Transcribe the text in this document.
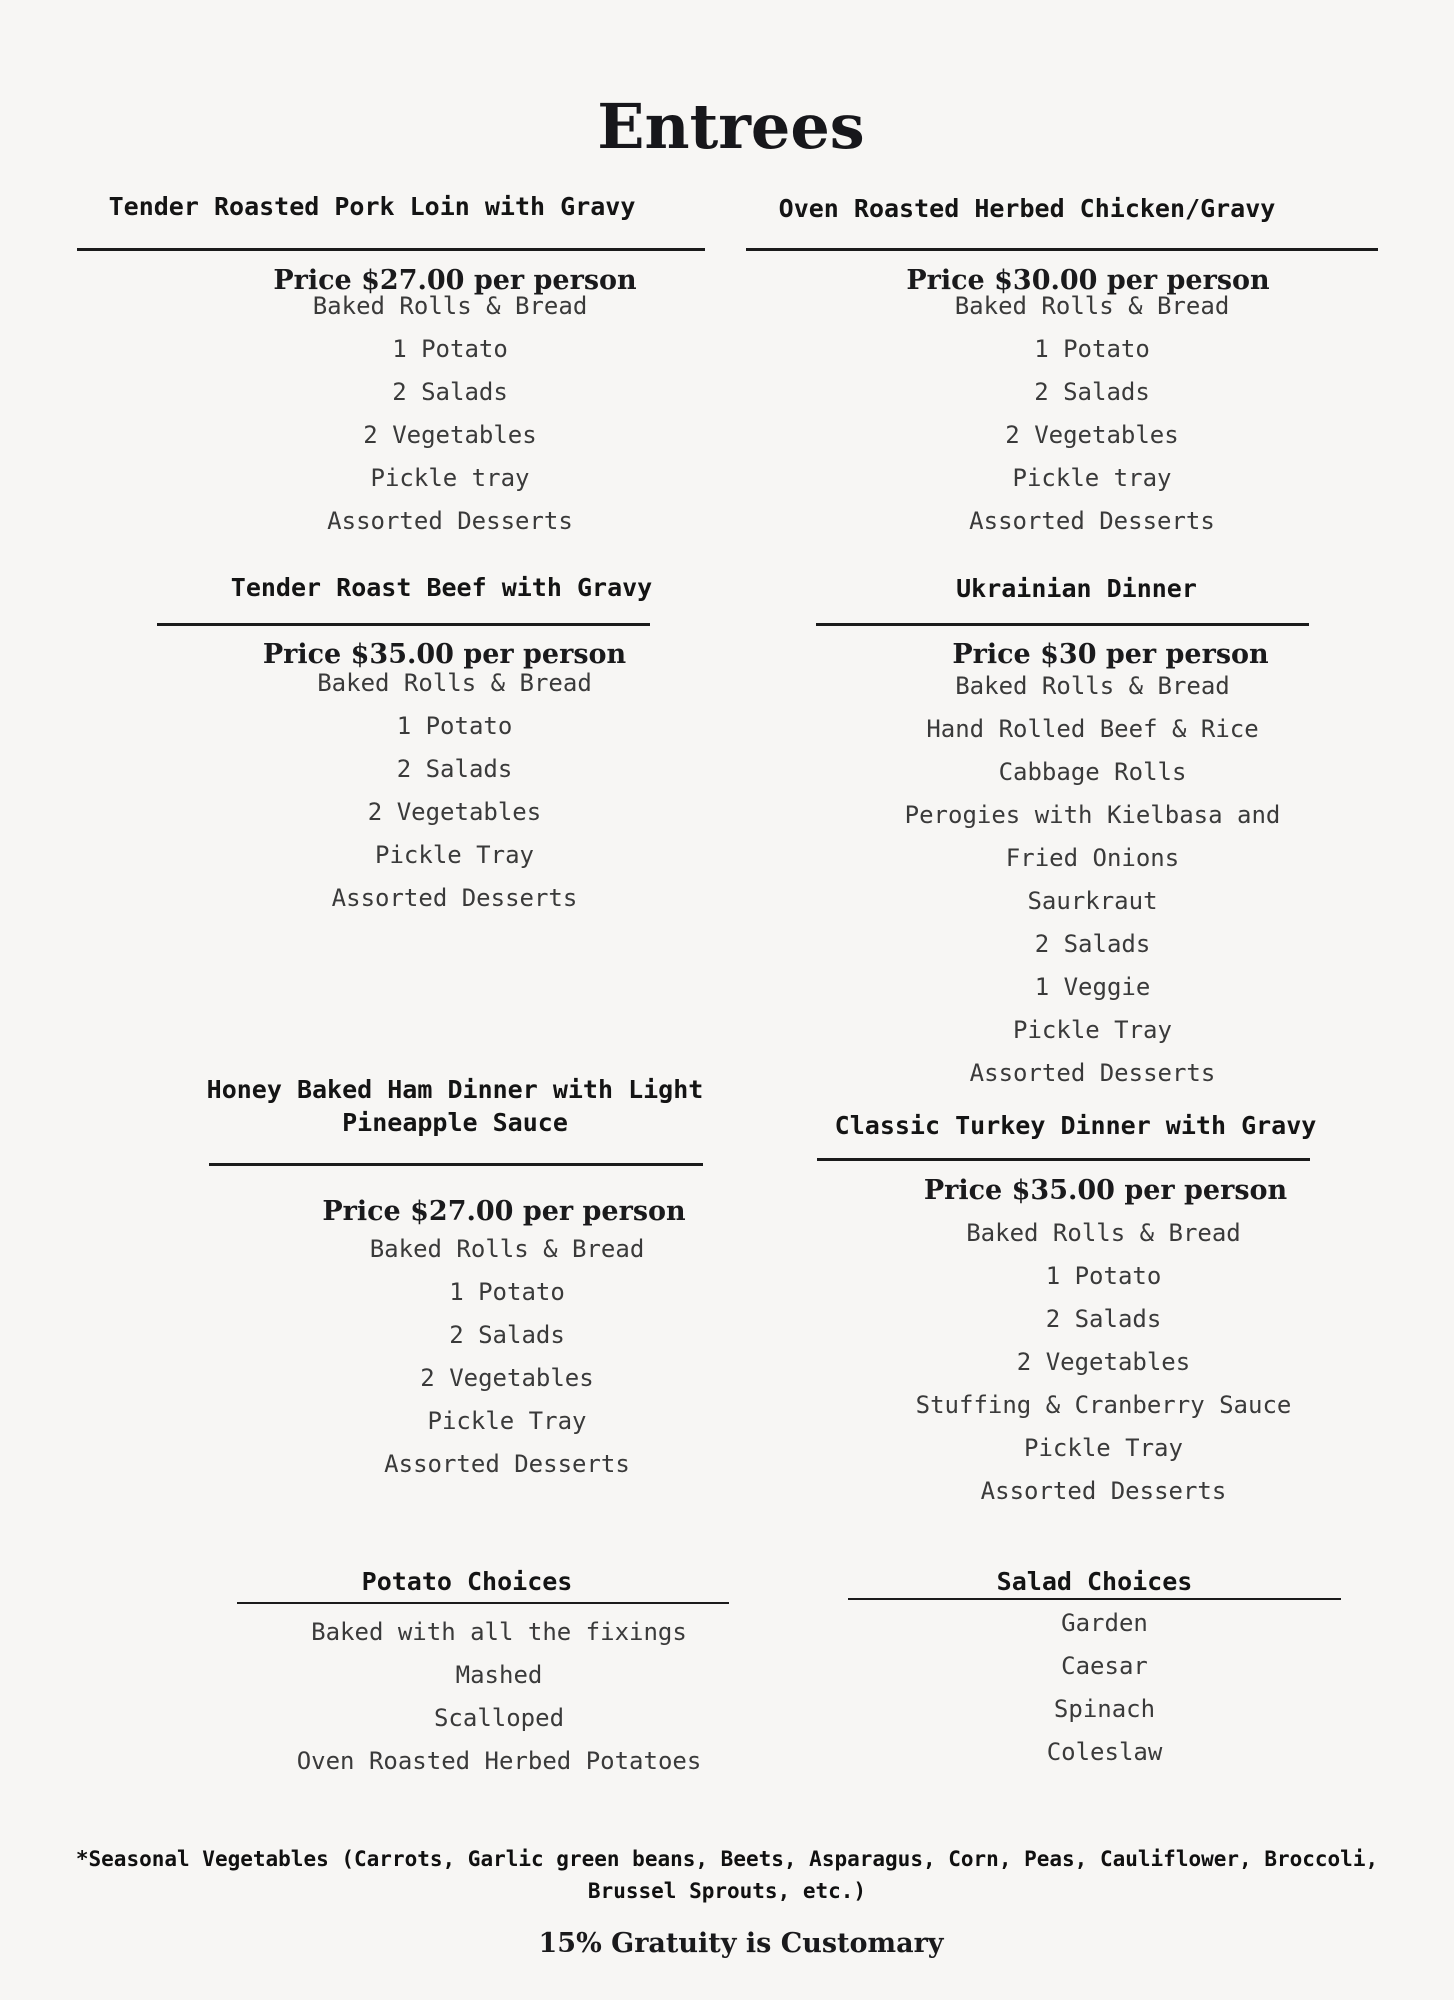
Entrees
Tender Roasted Pork Loin with Gravy
Price $27.00 per person
Baked Rolls & Bread
1 Potato
2 Salads
2 Vegetables
Pickle tray
Assorted Desserts
Oven Roasted Herbed Chicken/Gravy
Price $30.00 per person
Baked Rolls & Bread
1 Potato
2 Salads
2 Vegetables
Pickle tray
Assorted Desserts
Tender Roast Beef with Gravy
Price $35.00 per person
Baked Rolls & Bread
1 Potato
2 Salads
2 Vegetables
Pickle Tray
Assorted Desserts
Ukrainian Dinner
Price $30 per person
Baked Rolls & Bread
Hand Rolled Beef & Rice
Cabbage Rolls
Perogies with Kielbasa and
Fried Onions
Saurkraut
2 Salads
1 Veggie
Pickle Tray
Assorted Desserts
Honey Baked Ham Dinner with Light Pineapple Sauce
Price $27.00 per person
Baked Rolls & Bread
1 Potato
2 Salads
2 Vegetables
Pickle Tray
Assorted Desserts
Classic Turkey Dinner with Gravy
Price $35.00 per person
Baked Rolls & Bread
1 Potato
2 Salads
2 Vegetables
Stuffing & Cranberry Sauce
Pickle Tray
Assorted Desserts
Potato Choices
Baked with all the fixings
Mashed
Scalloped
Oven Roasted Herbed Potatoes
Salad Choices
Garden
Caesar
Spinach
Coleslaw
*Seasonal Vegetables (Carrots, Garlic green beans, Beets, Asparagus, Corn, Peas, Cauliflower, Broccoli,
Brussel Sprouts, etc.)
15% Gratuity is Customary
